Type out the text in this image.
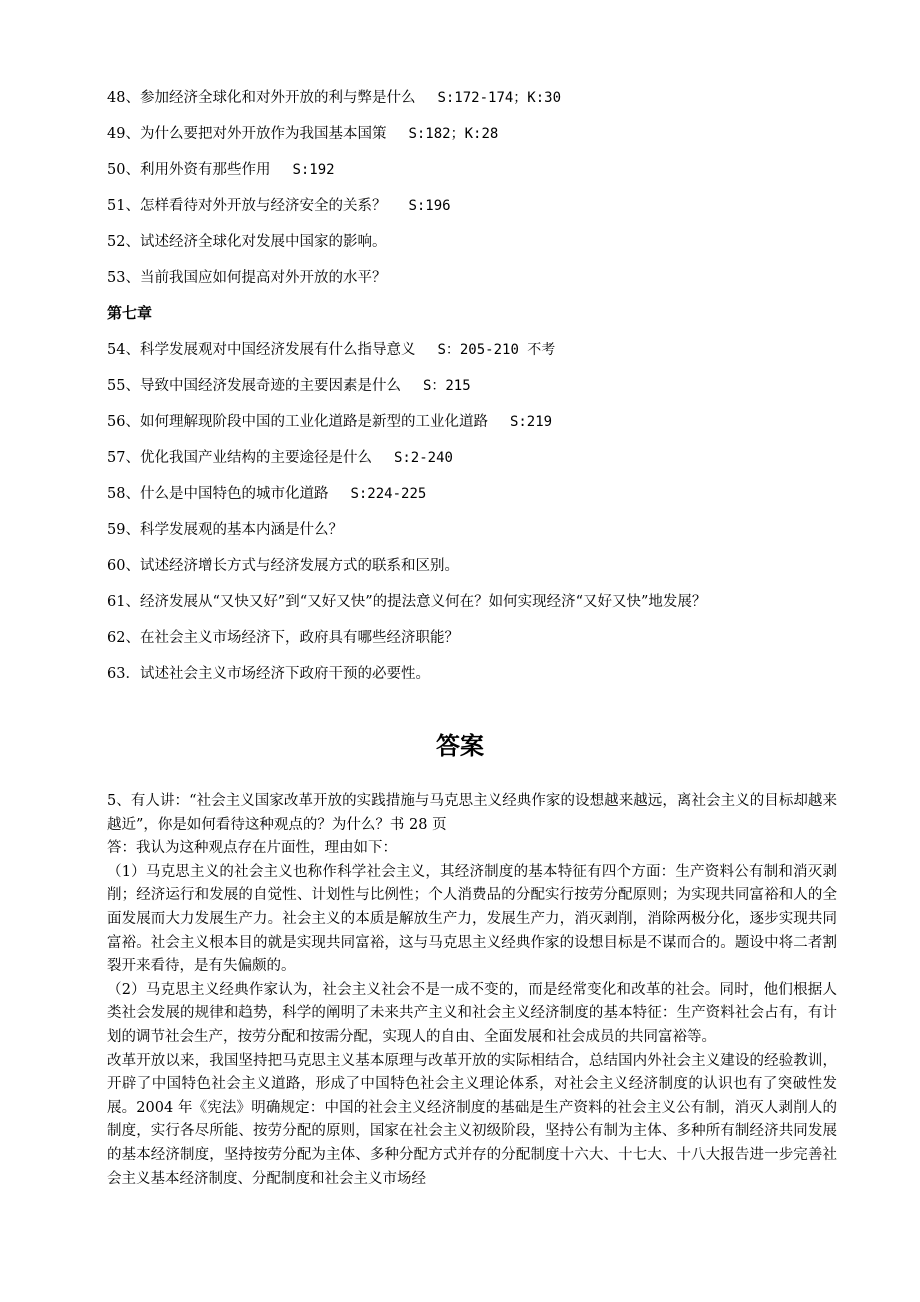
48、参加经济全球化和对外开放的利与弊是什么 S:172-174；K:30
49、为什么要把对外开放作为我国基本国策 S:182；K:28
50、利用外资有那些作用 S:192
51、怎样看待对外开放与经济安全的关系？ S:196
52、试述经济全球化对发展中国家的影响。
53、当前我国应如何提高对外开放的水平？
第七章
54、科学发展观对中国经济发展有什么指导意义 S：205-210 不考
55、导致中国经济发展奇迹的主要因素是什么 S：215
56、如何理解现阶段中国的工业化道路是新型的工业化道路 S:219
57、优化我国产业结构的主要途径是什么 S:2-240
58、什么是中国特色的城市化道路 S:224-225
59、科学发展观的基本内涵是什么？
60、试述经济增长方式与经济发展方式的联系和区别。
61、经济发展从“又快又好”到“又好又快”的提法意义何在？如何实现经济“又好又快”地发展？
62、在社会主义市场经济下，政府具有哪些经济职能？
63．试述社会主义市场经济下政府干预的必要性。
答案

5、有人讲：“社会主义国家改革开放的实践措施与马克思主义经典作家的设想越来越远，离社会主义的目标却越来越近”，你是如何看待这种观点的？为什么？书 28 页

答：我认为这种观点存在片面性，理由如下：

（1）马克思主义的社会主义也称作科学社会主义，其经济制度的基本特征有四个方面：生产资料公有制和消灭剥削；经济运行和发展的自觉性、计划性与比例性；个人消费品的分配实行按劳分配原则；为实现共同富裕和人的全面发展而大力发展生产力。社会主义的本质是解放生产力，发展生产力，消灭剥削，消除两极分化，逐步实现共同富裕。社会主义根本目的就是实现共同富裕，这与马克思主义经典作家的设想目标是不谋而合的。题设中将二者割裂开来看待，是有失偏颇的。

（2）马克思主义经典作家认为，社会主义社会不是一成不变的，而是经常变化和改革的社会。同时，他们根据人类社会发展的规律和趋势，科学的阐明了未来共产主义和社会主义经济制度的基本特征：生产资料社会占有，有计划的调节社会生产，按劳分配和按需分配，实现人的自由、全面发展和社会成员的共同富裕等。

改革开放以来，我国坚持把马克思主义基本原理与改革开放的实际相结合，总结国内外社会主义建设的经验教训，开辟了中国特色社会主义道路，形成了中国特色社会主义理论体系，对社会主义经济制度的认识也有了突破性发展。2004 年《宪法》明确规定：中国的社会主义经济制度的基础是生产资料的社会主义公有制，消灭人剥削人的制度，实行各尽所能、按劳分配的原则，国家在社会主义初级阶段，坚持公有制为主体、多种所有制经济共同发展的基本经济制度，坚持按劳分配为主体、多种分配方式并存的分配制度十六大、十七大、十八大报告进一步完善社会主义基本经济制度、分配制度和社会主义市场经
